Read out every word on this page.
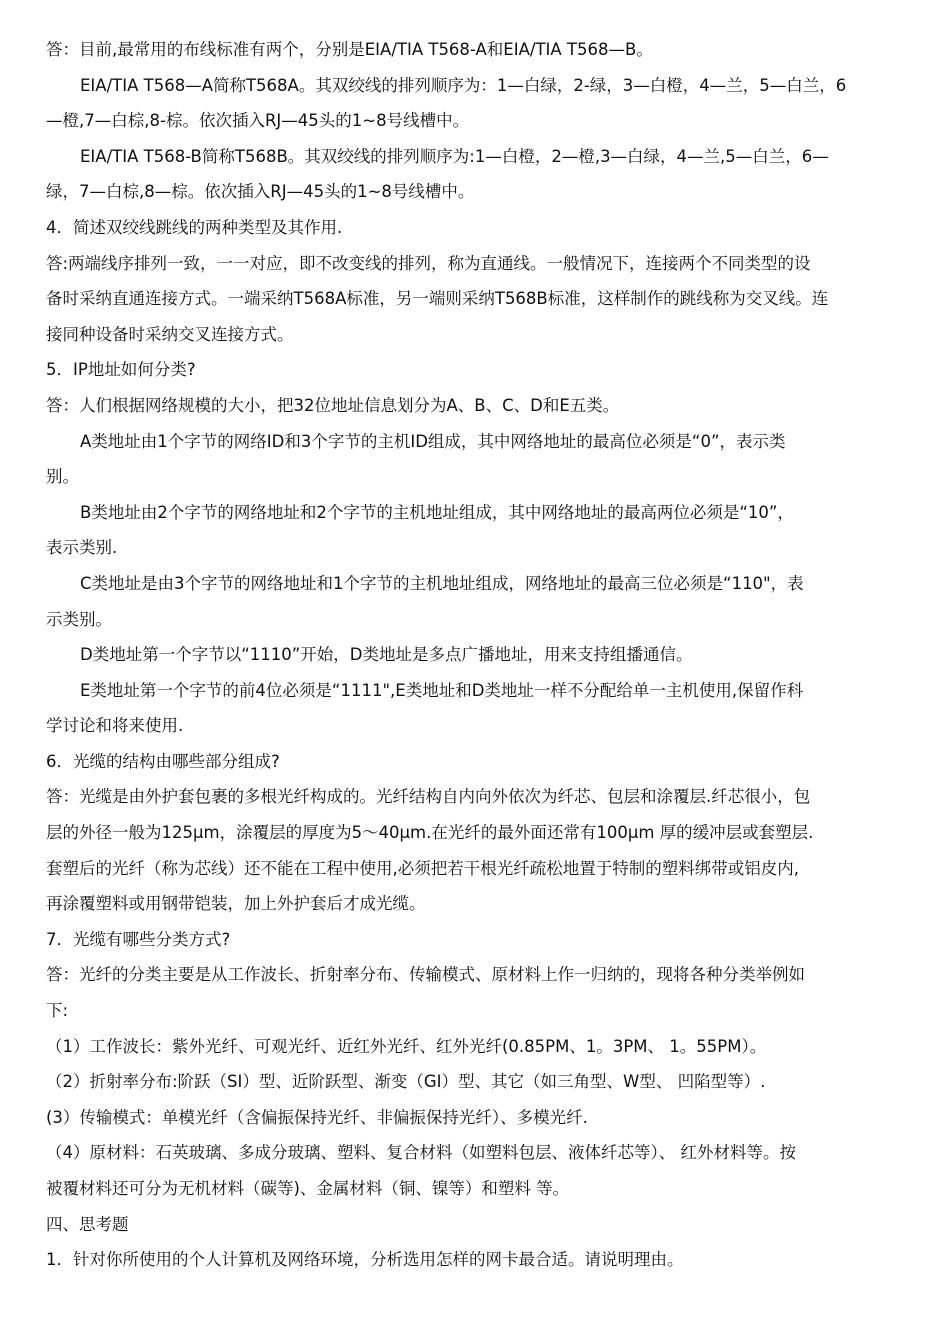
答：目前,最常用的布线标准有两个，分别是EIA/TIA T568-A和EIA/TIA T568—B。
EIA/TIA T568—A简称T568A。其双绞线的排列顺序为：1—白绿，2-绿，3—白橙，4—兰，5—白兰，6
—橙,7—白棕,8-棕。依次插入RJ—45头的1~8号线槽中。
EIA/TIA T568-B简称T568B。其双绞线的排列顺序为:1—白橙，2—橙,3—白绿，4—兰,5—白兰，6—
绿，7—白棕,8—棕。依次插入RJ—45头的1~8号线槽中。
4．简述双绞线跳线的两种类型及其作用.
答:两端线序排列一致，一一对应，即不改变线的排列，称为直通线。一般情况下，连接两个不同类型的设
备时采纳直通连接方式。一端采纳T568A标准，另一端则采纳T568B标准，这样制作的跳线称为交叉线。连
接同种设备时采纳交叉连接方式。
5．IP地址如何分类?
答：人们根据网络规模的大小，把32位地址信息划分为A、B、C、D和E五类。
A类地址由1个字节的网络ID和3个字节的主机ID组成，其中网络地址的最高位必须是“0”，表示类
别。
B类地址由2个字节的网络地址和2个字节的主机地址组成，其中网络地址的最高两位必须是“10”，
表示类别.
C类地址是由3个字节的网络地址和1个字节的主机地址组成，网络地址的最高三位必须是“110"，表
示类别。
D类地址第一个字节以“1110”开始，D类地址是多点广播地址，用来支持组播通信。
E类地址第一个字节的前4位必须是“1111",E类地址和D类地址一样不分配给单一主机使用,保留作科
学讨论和将来使用.
6．光缆的结构由哪些部分组成?
答：光缆是由外护套包裹的多根光纤构成的。光纤结构自内向外依次为纤芯、包层和涂覆层.纤芯很小，包
层的外径一般为125μm，涂覆层的厚度为5～40μm.在光纤的最外面还常有100μm 厚的缓冲层或套塑层.
套塑后的光纤（称为芯线）还不能在工程中使用,必须把若干根光纤疏松地置于特制的塑料绑带或铝皮内,
再涂覆塑料或用钢带铠装，加上外护套后才成光缆。
7．光缆有哪些分类方式?
答：光纤的分类主要是从工作波长、折射率分布、传输模式、原材料上作一归纳的，现将各种分类举例如
下:
（1）工作波长：紫外光纤、可观光纤、近红外光纤、红外光纤(0.85PM、1。3PM、 1。55PM）。
（2）折射率分布:阶跃（SI）型、近阶跃型、渐变（GI）型、其它（如三角型、W型、 凹陷型等）.
(3）传输模式：单模光纤（含偏振保持光纤、非偏振保持光纤）、多模光纤.
（4）原材料：石英玻璃、多成分玻璃、塑料、复合材料（如塑料包层、液体纤芯等）、 红外材料等。按
被覆材料还可分为无机材料（碳等)、金属材料（铜、镍等）和塑料 等。
四、思考题
1．针对你所使用的个人计算机及网络环境，分析选用怎样的网卡最合适。请说明理由。
